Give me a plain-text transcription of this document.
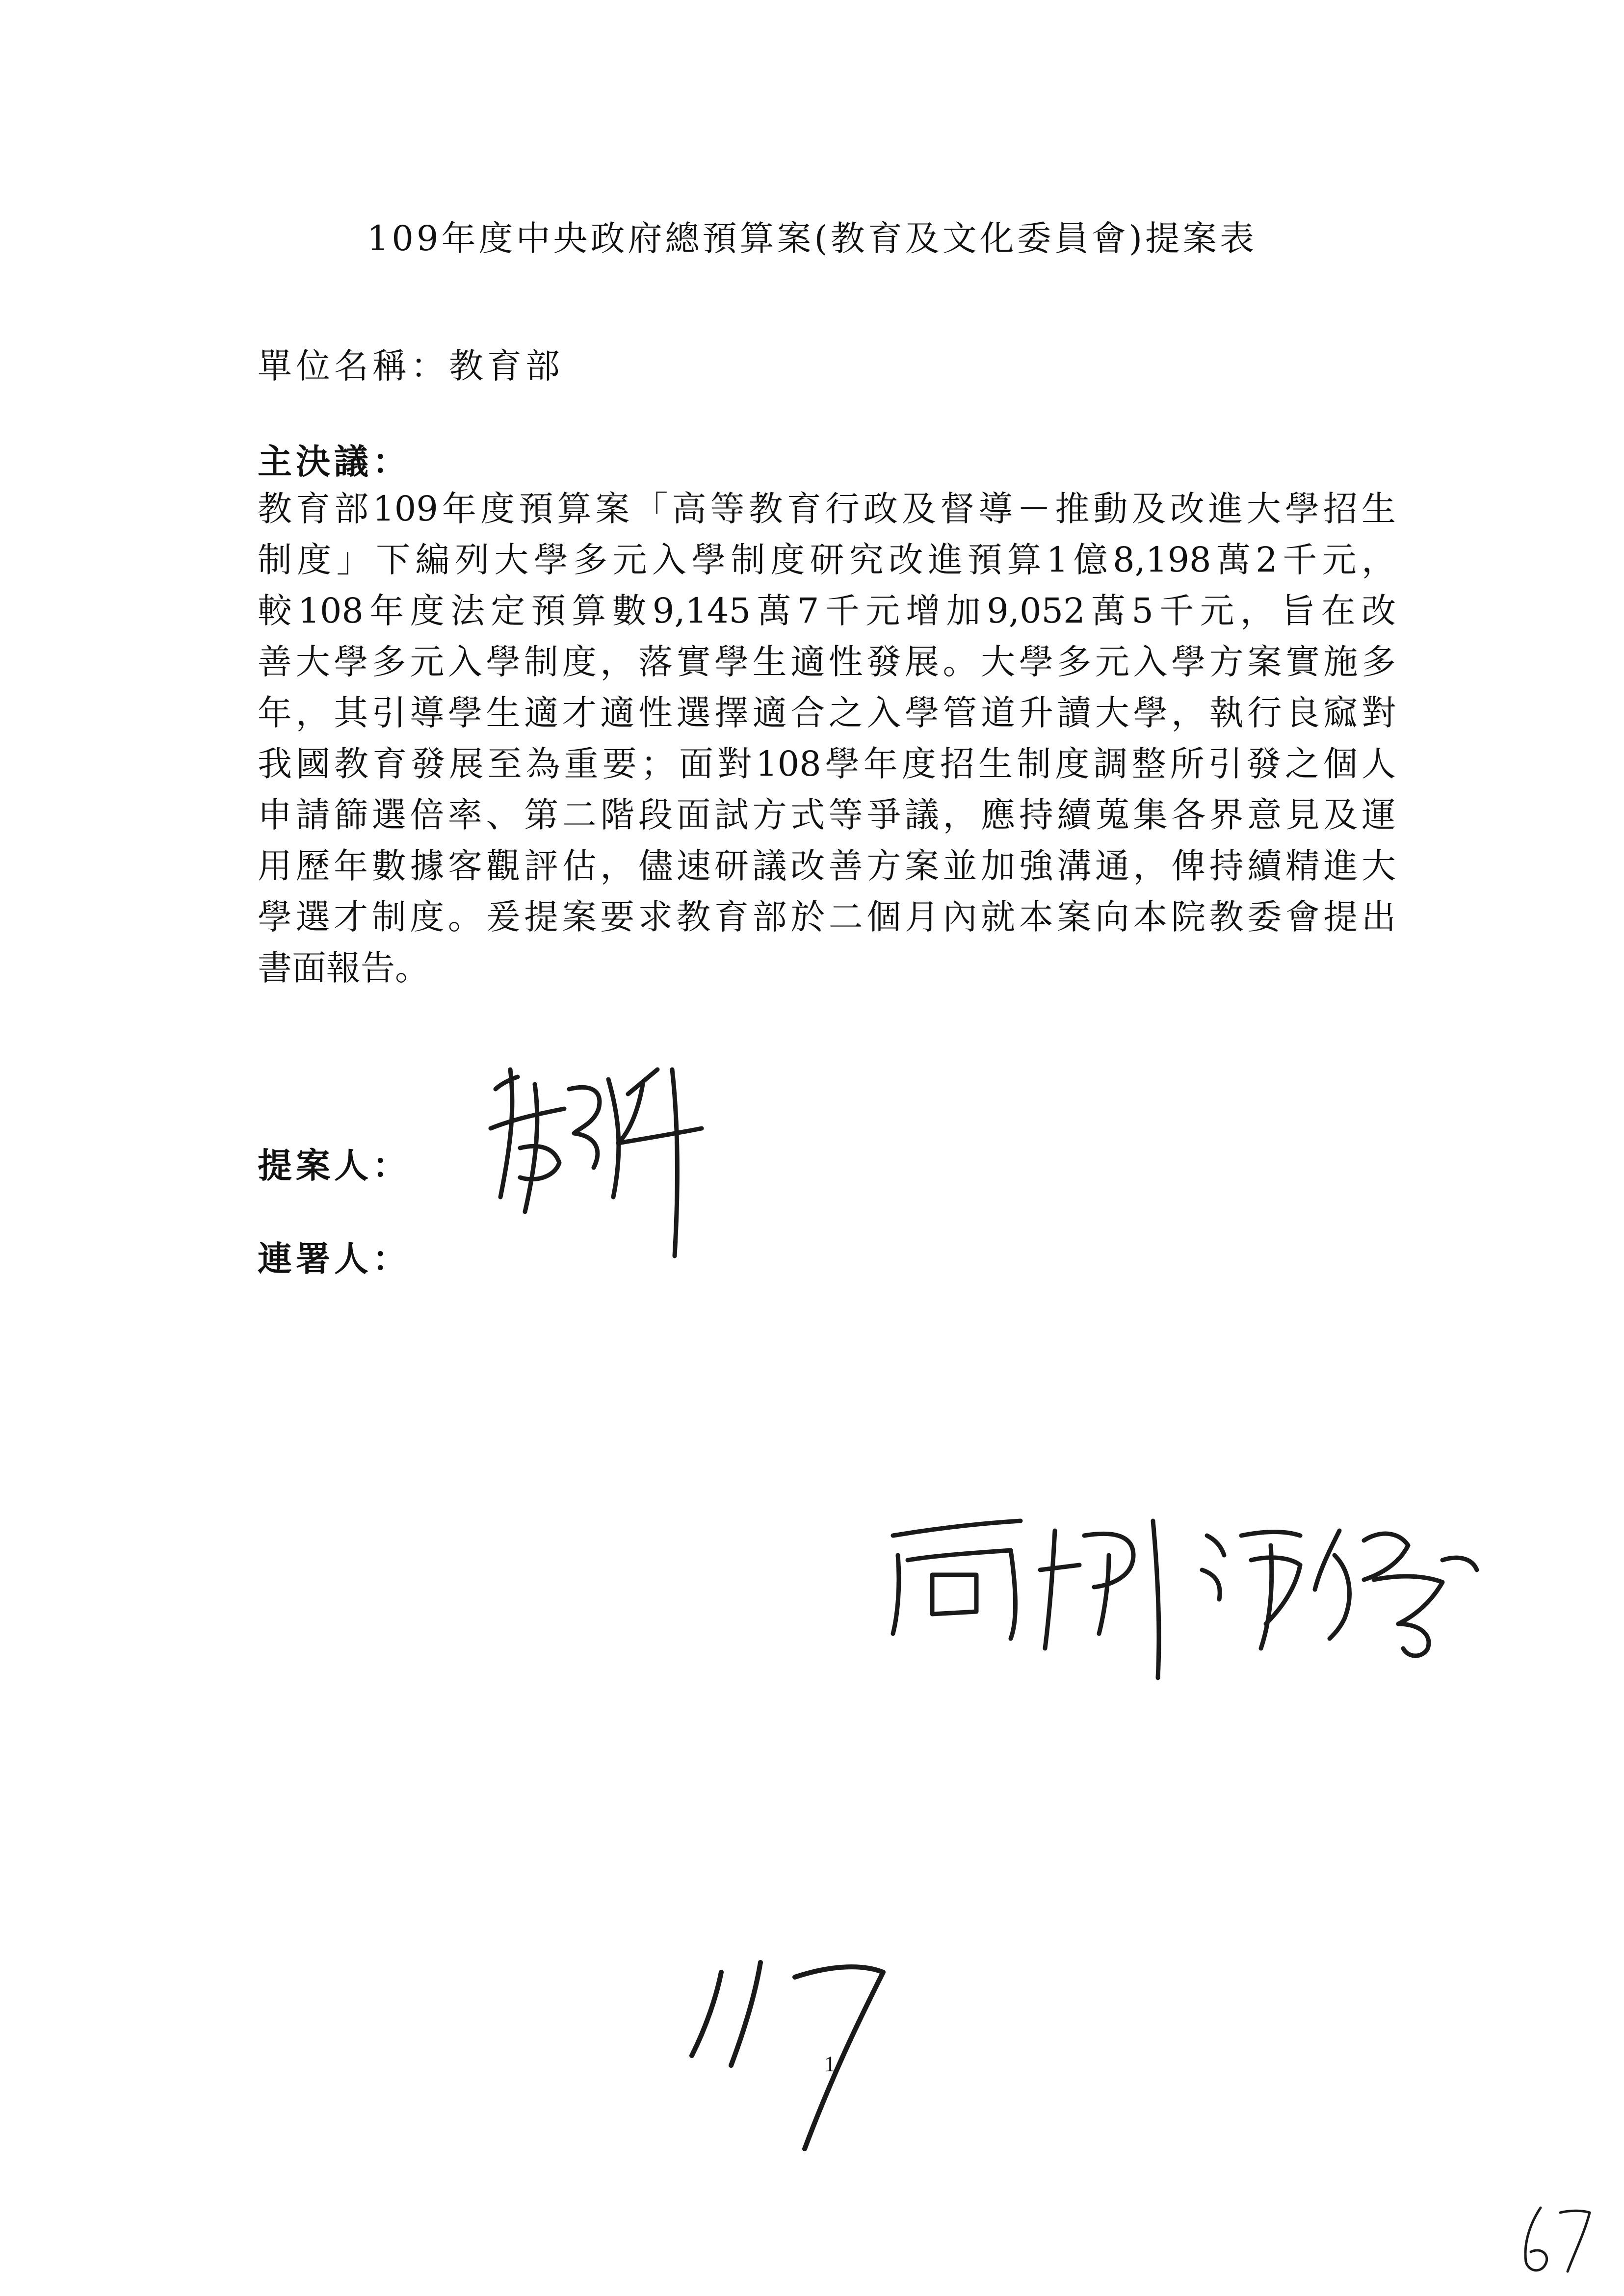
109年度中央政府總預算案(教育及文化委員會)提案表
單位名稱：教育部
主決議：
教育部109年度預算案「高等教育行政及督導－推動及改進大學招生
制度」下編列大學多元入學制度研究改進預算1億8,198萬2千元，
較108年度法定預算數9,145萬7千元增加9,052萬5千元，旨在改
善大學多元入學制度，落實學生適性發展。大學多元入學方案實施多
年，其引導學生適才適性選擇適合之入學管道升讀大學，執行良窳對
我國教育發展至為重要；面對108學年度招生制度調整所引發之個人
申請篩選倍率、第二階段面試方式等爭議，應持續蒐集各界意見及運
用歷年數據客觀評估，儘速研議改善方案並加強溝通，俾持續精進大
學選才制度。爰提案要求教育部於二個月內就本案向本院教委會提出
書面報告。
提案人：
連署人：
1
